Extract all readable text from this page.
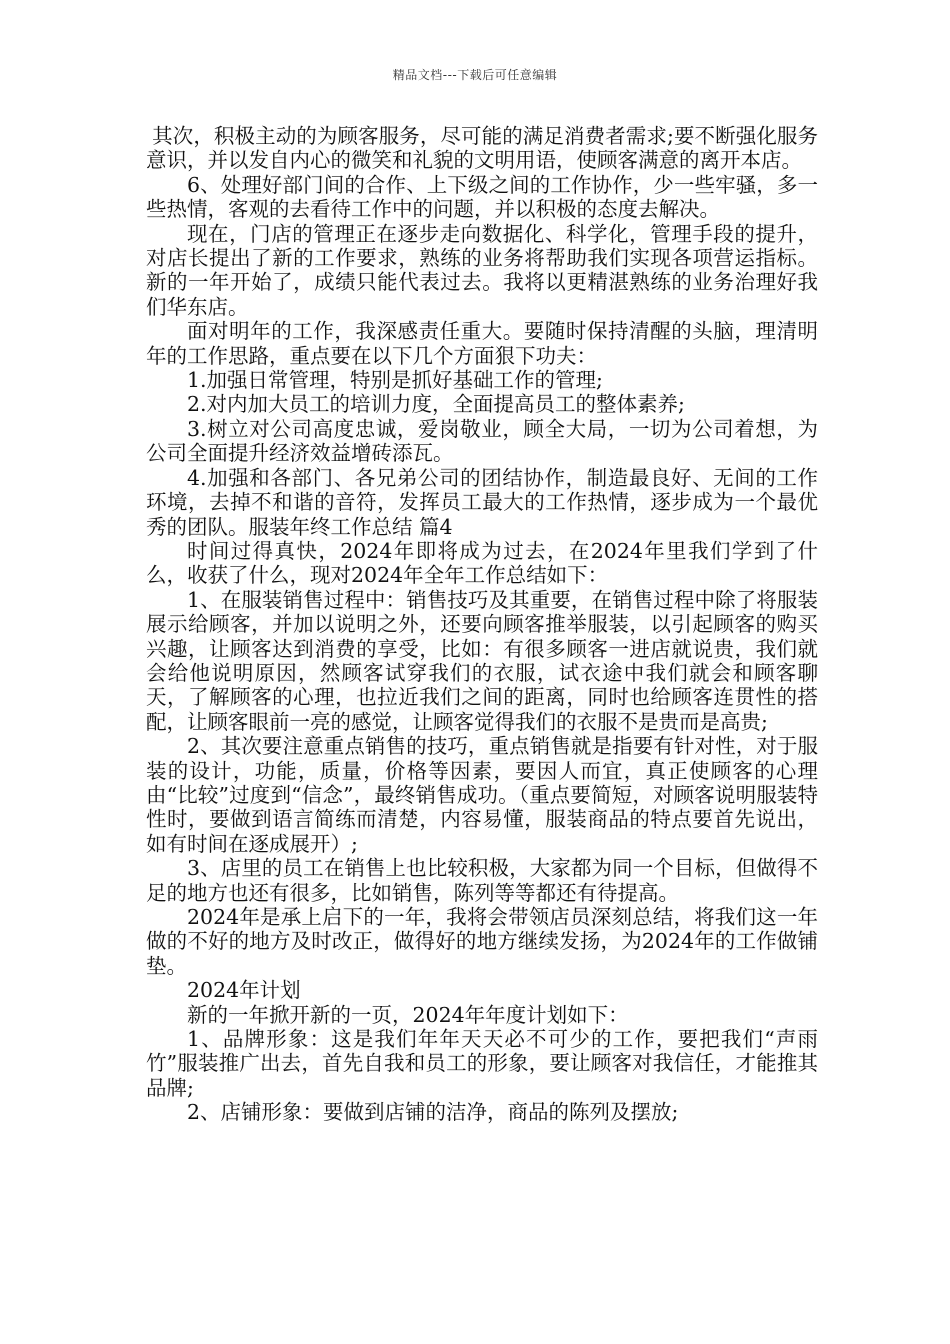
精品文档---下载后可任意编辑

其次，积极主动的为顾客服务，尽可能的满足消费者需求;要不断强化服务意识，并以发自内心的微笑和礼貌的文明用语，使顾客满意的离开本店。

6、处理好部门间的合作、上下级之间的工作协作，少一些牢骚，多一些热情，客观的去看待工作中的问题，并以积极的态度去解决。

现在，门店的管理正在逐步走向数据化、科学化，管理手段的提升，对店长提出了新的工作要求，熟练的业务将帮助我们实现各项营运指标。新的一年开始了，成绩只能代表过去。我将以更精湛熟练的业务治理好我们华东店。

面对明年的工作，我深感责任重大。要随时保持清醒的头脑，理清明年的工作思路，重点要在以下几个方面狠下功夫：

1.加强日常管理，特别是抓好基础工作的管理;

2.对内加大员工的培训力度，全面提高员工的整体素养;

3.树立对公司高度忠诚，爱岗敬业，顾全大局，一切为公司着想，为公司全面提升经济效益增砖添瓦。

4.加强和各部门、各兄弟公司的团结协作，制造最良好、无间的工作环境，去掉不和谐的音符，发挥员工最大的工作热情，逐步成为一个最优秀的团队。服装年终工作总结 篇4

时间过得真快，2024年即将成为过去，在2024年里我们学到了什么，收获了什么，现对2024年全年工作总结如下：

1、在服装销售过程中：销售技巧及其重要，在销售过程中除了将服装展示给顾客，并加以说明之外，还要向顾客推举服装，以引起顾客的购买兴趣，让顾客达到消费的享受，比如：有很多顾客一进店就说贵，我们就会给他说明原因，然顾客试穿我们的衣服，试衣途中我们就会和顾客聊天，了解顾客的心理，也拉近我们之间的距离，同时也给顾客连贯性的搭配，让顾客眼前一亮的感觉，让顾客觉得我们的衣服不是贵而是高贵;

2、其次要注意重点销售的技巧，重点销售就是指要有针对性，对于服装的设计，功能，质量，价格等因素，要因人而宜，真正使顾客的心理由“比较”过度到“信念”，最终销售成功。（重点要简短，对顾客说明服装特性时，要做到语言简练而清楚，内容易懂，服装商品的特点要首先说出，如有时间在逐成展开）;

3、店里的员工在销售上也比较积极，大家都为同一个目标，但做得不足的地方也还有很多，比如销售，陈列等等都还有待提高。

2024年是承上启下的一年，我将会带领店员深刻总结，将我们这一年做的不好的地方及时改正，做得好的地方继续发扬，为2024年的工作做铺垫。

2024年计划

新的一年掀开新的一页，2024年年度计划如下：

1、品牌形象：这是我们年年天天必不可少的工作，要把我们“声雨竹”服装推广出去，首先自我和员工的形象，要让顾客对我信任，才能推其品牌;

2、店铺形象：要做到店铺的洁净，商品的陈列及摆放;
